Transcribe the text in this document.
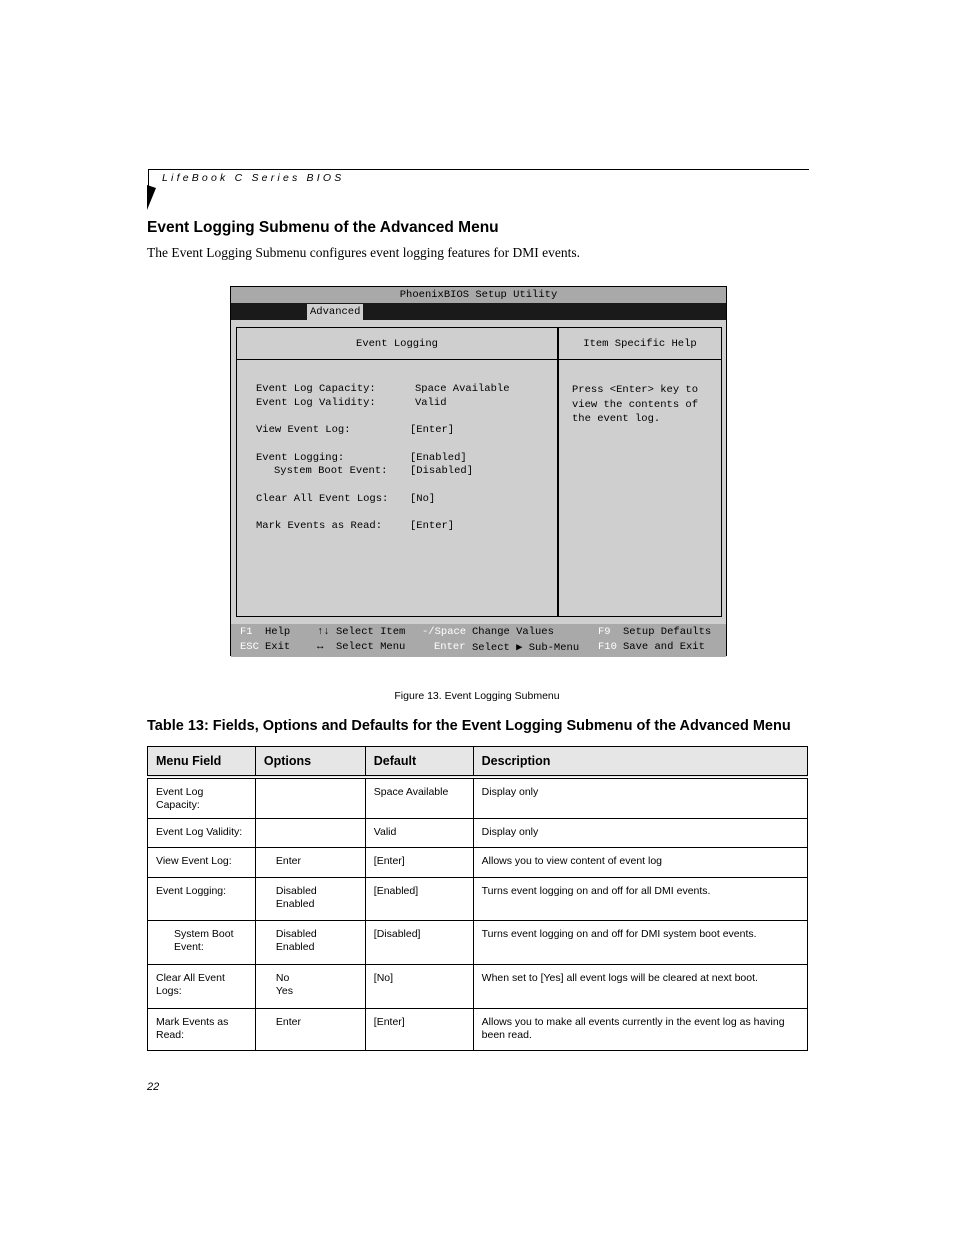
LifeBook C Series BIOS
Event Logging Submenu of the Advanced Menu
The Event Logging Submenu configures event logging features for DMI events.
PhoenixBIOS Setup Utility
Advanced
Event Logging	Item Specific Help
Event Log Capacity:	Space Available
Event Log Validity:	Valid
View Event Log:	[Enter]
Event Logging:	[Enabled]
System Boot Event: [Disabled]
Clear All Event Logs: [No]
Mark Events as Read:	[Enter]
Press <Enter> key to
view the contents of
the event log.
F1 Help
ESC Exit
↑↓ Select Item
↔ Select Menu
-/Space Change Values
Enter Select ▶ Sub-Menu
F9 Setup Defaults
F10 Save and Exit
Figure 13. Event Logging Submenu
Table 13: Fields, Options and Defaults for the Event Logging Submenu of the Advanced Menu
Menu Field	Options	Default	Description
Event Log
Capacity:		Space Available	Display only
Event Log Validity:		Valid	Display only
View Event Log:	Enter	[Enter]	Allows you to view content of event log
Event Logging:	Disabled
Enabled	[Enabled]	Turns event logging on and off for all DMI events.
System Boot
Event:	Disabled
Enabled	[Disabled]	Turns event logging on and off for DMI system boot events.
Clear All Event
Logs:	No
Yes	[No]	When set to [Yes] all event logs will be cleared at next boot.
Mark Events as
Read:	Enter	[Enter]	Allows you to make all events currently in the event log as having been read.
22
